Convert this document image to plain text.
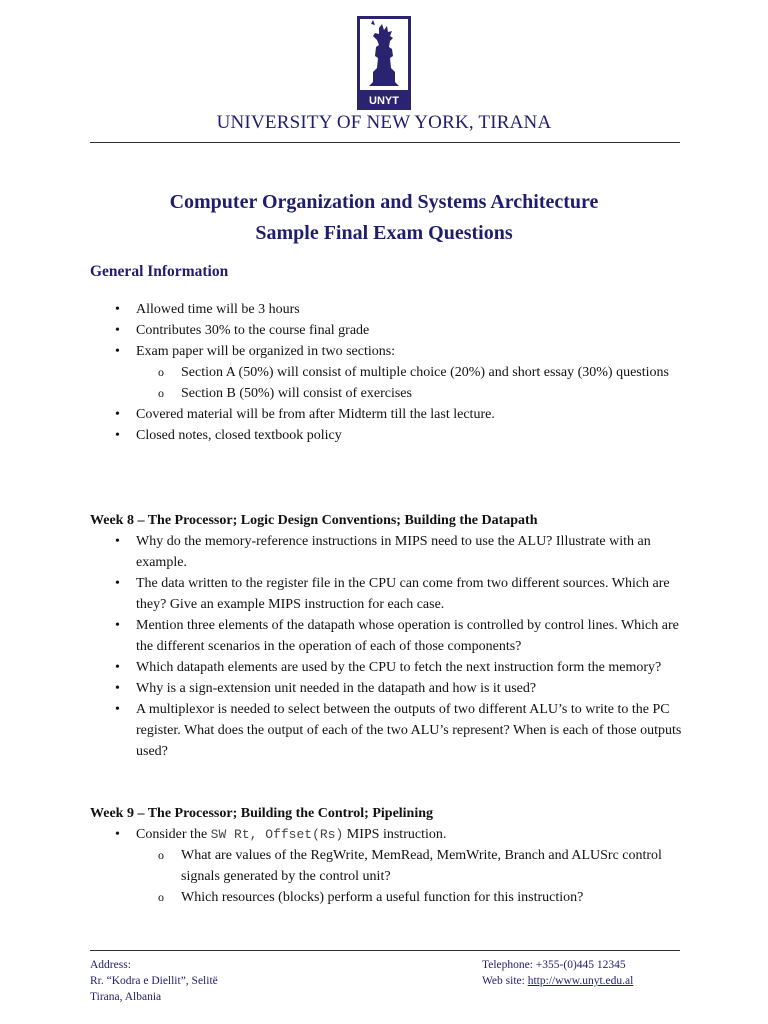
UNYT
UNIVERSITY OF NEW YORK, TIRANA
Computer Organization and Systems Architecture
Sample Final Exam Questions
General Information
• Allowed time will be 3 hours
• Contributes 30% to the course final grade
• Exam paper will be organized in two sections:
o Section A (50%) will consist of multiple choice (20%) and short essay (30%) questions
o Section B (50%) will consist of exercises
• Covered material will be from after Midterm till the last lecture.
• Closed notes, closed textbook policy

Week 8 – The Processor; Logic Design Conventions; Building the Datapath

• Why do the memory-reference instructions in MIPS need to use the ALU? Illustrate with an example.
• The data written to the register file in the CPU can come from two different sources. Which are they? Give an example MIPS instruction for each case.
• Mention three elements of the datapath whose operation is controlled by control lines. Which are the different scenarios in the operation of each of those components?
• Which datapath elements are used by the CPU to fetch the next instruction form the memory?
• Why is a sign-extension unit needed in the datapath and how is it used?
• A multiplexor is needed to select between the outputs of two different ALU’s to write to the PC register. What does the output of each of the two ALU’s represent? When is each of those outputs used?

Week 9 – The Processor; Building the Control; Pipelining

• Consider the SW Rt, Offset(Rs) MIPS instruction.
o What are values of the RegWrite, MemRead, MemWrite, Branch and ALUSrc control signals generated by the control unit?
o Which resources (blocks) perform a useful function for this instruction?
Address:
Rr. “Kodra e Diellit”, Selitë
Tirana, Albania
Telephone: +355-(0)445 12345
Web site: http://www.unyt.edu.al
